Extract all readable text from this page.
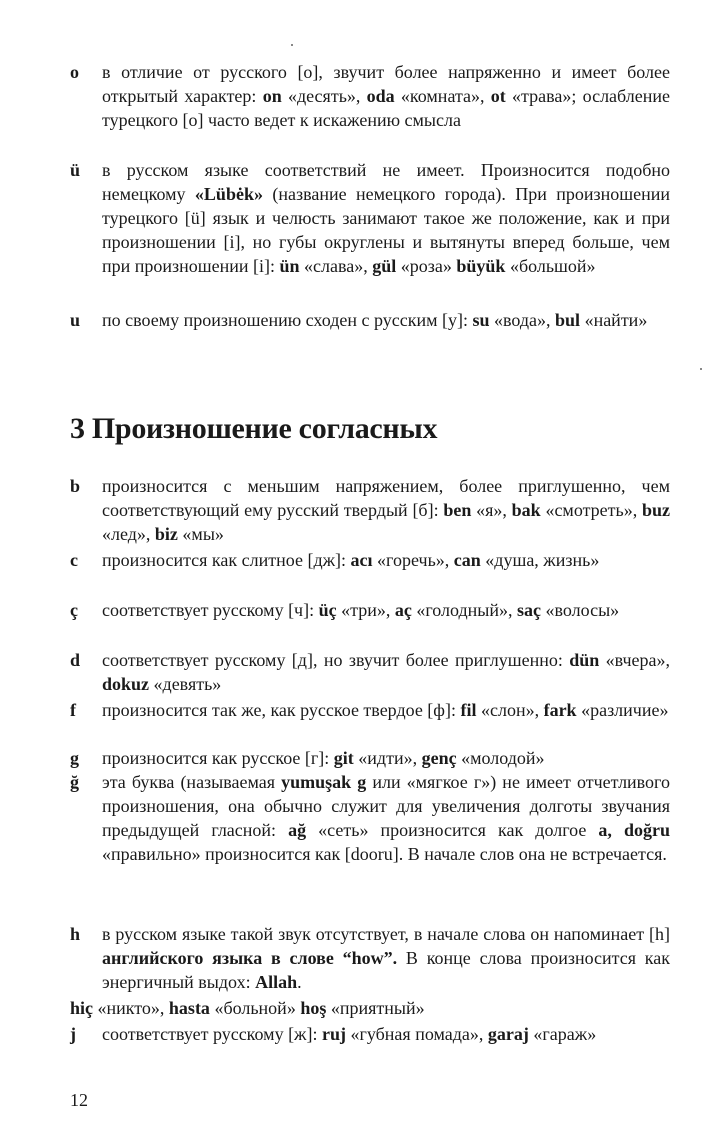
o	в отличие от русского [о], звучит более напряженно и имеет более открытый характер: on «десять», oda «комната», ot «трава»; ослабление турецкого [о] часто ведет к искажению смысла
ü	в русском языке соответствий не имеет. Произносится подобно немецкому «Lübėk» (название немецкого города). При произношении турецкого [ü] язык и челюсть занимают такое же положение, как и при произношении [i], но губы округлены и вытянуты вперед больше, чем при произношении [i]: ün «слава», gül «роза» büyük «большой»
u	по своему произношению сходен с русским [у]: su «вода», bul «найти»
3 Произношение согласных
b	произносится с меньшим напряжением, более приглушенно, чем соответствующий ему русский твердый [б]: ben «я», bak «смотреть», buz «лед», biz «мы»
c	произносится как слитное [дж]: acı «горечь», can «душа, жизнь»
ç	соответствует русскому [ч]: üç «три», aç «голодный», saç «волосы»
d	соответствует русскому [д], но звучит более приглушенно: dün «вчера», dokuz «девять»
f	произносится так же, как русское твердое [ф]: fil «слон», fark «различие»
g	произносится как русское [г]: git «идти», genç «молодой»
ğ	эта буква (называемая yumuşak g или «мягкое г») не имеет отчетливого произношения, она обычно служит для увеличения долготы звучания предыдущей гласной: ağ «сеть» произносится как долгое a, doğru «правильно» произносится как [dooru]. В начале слов она не встречается.
h	в русском языке такой звук отсутствует, в начале слова он напоминает [h] английского языка в слове “how”. В конце слова произносится как энергичный выдох: Allah.
hiç «никто», hasta «больной» hoş «приятный»
j	соответствует русскому [ж]: ruj «губная помада», garaj «гараж»
12
